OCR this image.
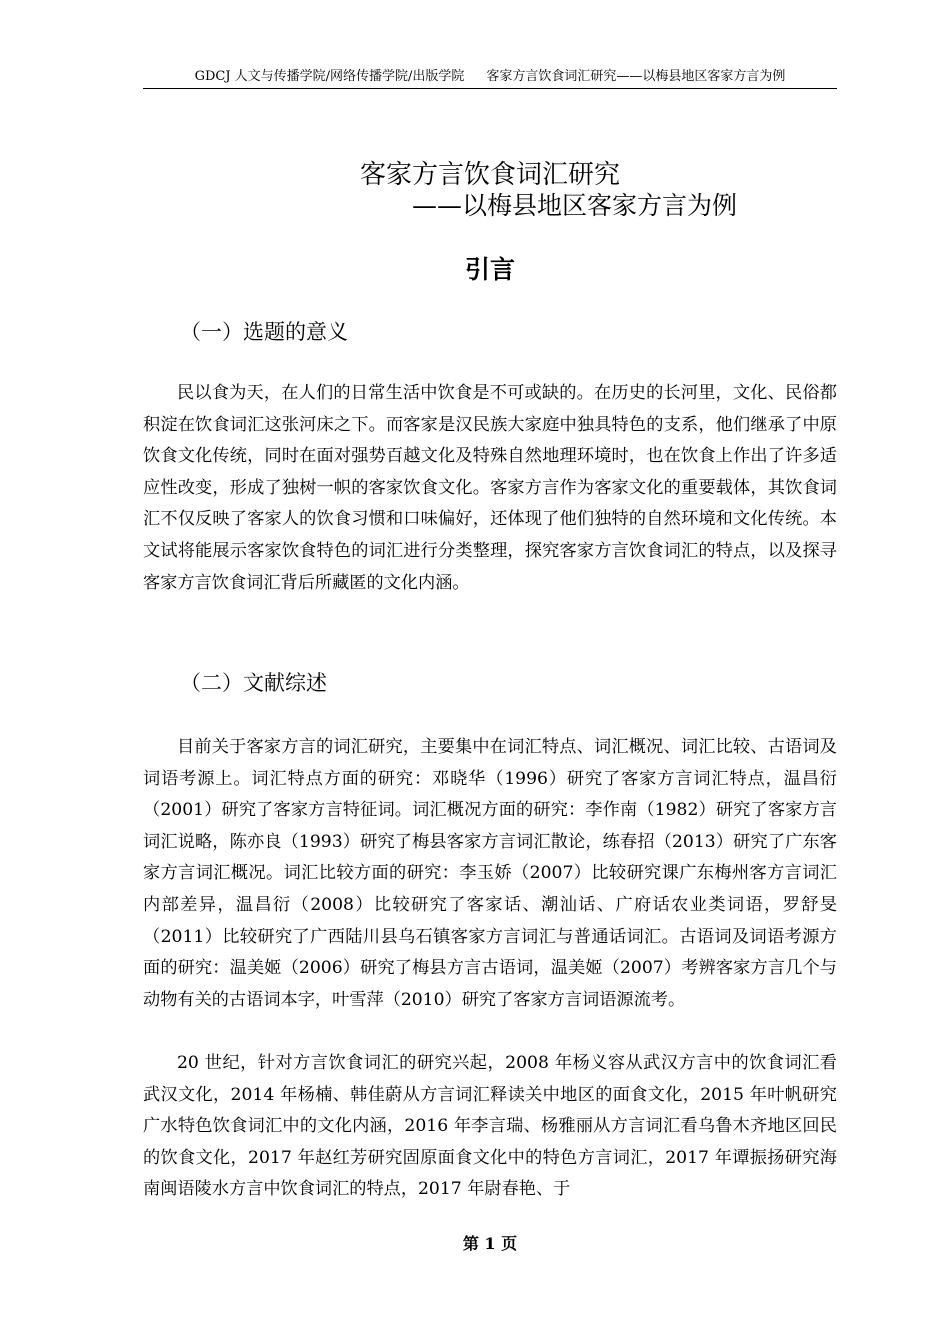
GDCJ 人文与传播学院/网络传播学院/出版学院 客家方言饮食词汇研究——以梅县地区客家方言为例
客家方言饮食词汇研究
——以梅县地区客家方言为例
引言
（一）选题的意义

民以食为天，在人们的日常生活中饮食是不可或缺的。在历史的长河里，文化、民俗都积淀在饮食词汇这张河床之下。而客家是汉民族大家庭中独具特色的支系，他们继承了中原饮食文化传统，同时在面对强势百越文化及特殊自然地理环境时，也在饮食上作出了许多适应性改变，形成了独树一帜的客家饮食文化。客家方言作为客家文化的重要载体，其饮食词汇不仅反映了客家人的饮食习惯和口味偏好，还体现了他们独特的自然环境和文化传统。本文试将能展示客家饮食特色的词汇进行分类整理，探究客家方言饮食词汇的特点，以及探寻客家方言饮食词汇背后所藏匿的文化内涵。

（二）文献综述

目前关于客家方言的词汇研究，主要集中在词汇特点、词汇概况、词汇比较、古语词及词语考源上。词汇特点方面的研究：邓晓华（1996）研究了客家方言词汇特点，温昌衍（2001）研究了客家方言特征词。词汇概况方面的研究：李作南（1982）研究了客家方言词汇说略，陈亦良（1993）研究了梅县客家方言词汇散论，练春招（2013）研究了广东客家方言词汇概况。词汇比较方面的研究：李玉娇（2007）比较研究课广东梅州客方言词汇内部差异，温昌衍（2008）比较研究了客家话、潮汕话、广府话农业类词语，罗舒旻（2011）比较研究了广西陆川县乌石镇客家方言词汇与普通话词汇。古语词及词语考源方面的研究：温美姬（2006）研究了梅县方言古语词，温美姬（2007）考辨客家方言几个与动物有关的古语词本字，叶雪萍（2010）研究了客家方言词语源流考。

20 世纪，针对方言饮食词汇的研究兴起，2008 年杨义容从武汉方言中的饮食词汇看武汉文化，2014 年杨楠、韩佳蔚从方言词汇释读关中地区的面食文化，2015 年叶帆研究广水特色饮食词汇中的文化内涵，2016 年李言瑞、杨雅丽从方言词汇看乌鲁木齐地区回民的饮食文化，2017 年赵红芳研究固原面食文化中的特色方言词汇，2017 年谭振扬研究海南闽语陵水方言中饮食词汇的特点，2017 年尉春艳、于

第 1 页
